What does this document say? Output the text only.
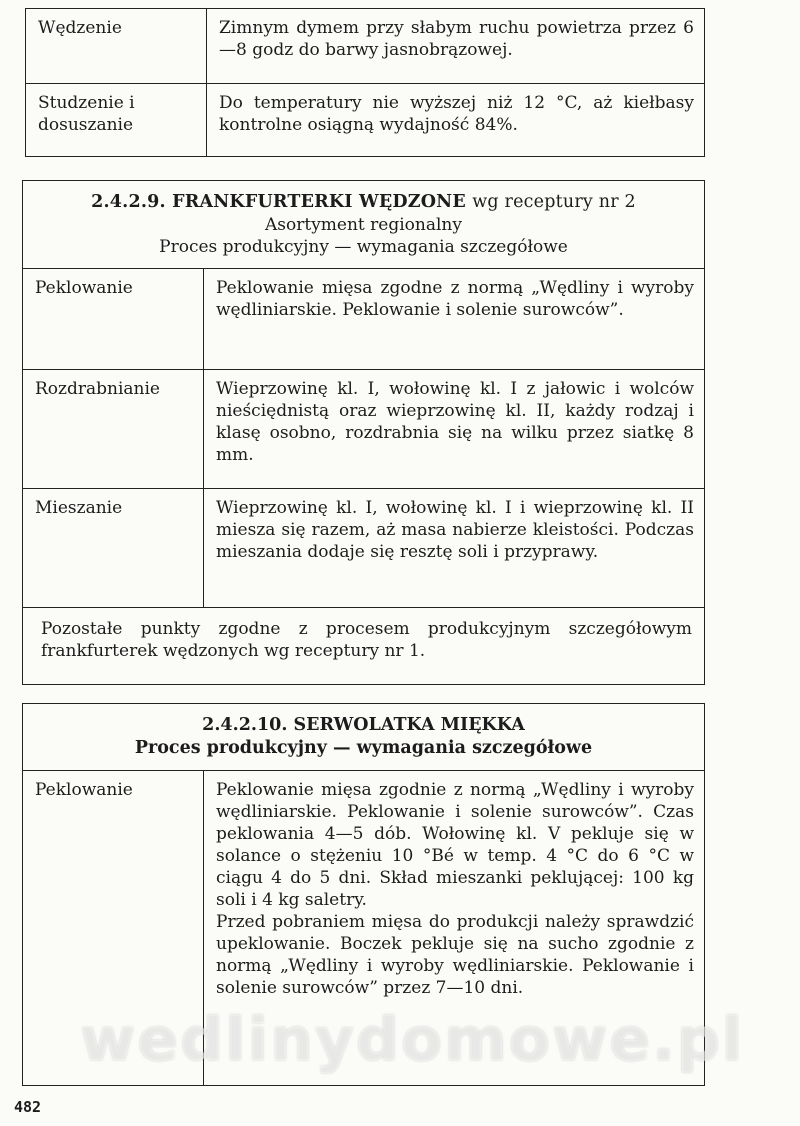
Wędzenie	Zimnym dymem przy słabym ruchu powietrza przez 6—8 godz do barwy jasnobrązowej.
Studzenie i dosuszanie	Do temperatury nie wyższej niż 12 °C, aż kiełbasy kontrolne osiągną wydajność 84%.
2.4.2.9. FRANKFURTERKI WĘDZONE wg receptury nr 2
Asortyment regionalny
Proces produkcyjny — wymagania szczegółowe	

Peklowanie	Peklowanie mięsa zgodne z normą „Wędliny i wyroby wędliniarskie. Peklowanie i solenie surowców”.
Rozdrabnianie	Wieprzowinę kl. I, wołowinę kl. I z jałowic i wolców nieściędnistą oraz wieprzowinę kl. II, każdy rodzaj i klasę osobno, rozdrabnia się na wilku przez siatkę 8 mm.
Mieszanie	Wieprzowinę kl. I, wołowinę kl. I i wieprzowinę kl. II miesza się razem, aż masa nabierze kleistości. Podczas mieszania dodaje się resztę soli i przyprawy.
Pozostałe punkty zgodne z procesem produkcyjnym szczegółowym frankfurterek wędzonych wg receptury nr 1.	
2.4.2.10. SERWOLATKA MIĘKKA
Proces produkcyjny — wymagania szczegółowe

Peklowanie	Peklowanie mięsa zgodnie z normą „Wędliny i wyroby wędliniarskie. Peklowanie i solenie surowców”. Czas peklowania 4—5 dób. Wołowinę kl. V pekluje się w solance o stężeniu 10 °Bé w temp. 4 °C do 6 °C w ciągu 4 do 5 dni. Skład mieszanki peklującej: 100 kg soli i 4 kg saletry.
Przed pobraniem mięsa do produkcji należy sprawdzić upeklowanie. Boczek pekluje się na sucho zgodnie z normą „Wędliny i wyroby wędliniarskie. Peklowanie i solenie surowców” przez 7—10 dni.
wedlinydomowe.pl
482
